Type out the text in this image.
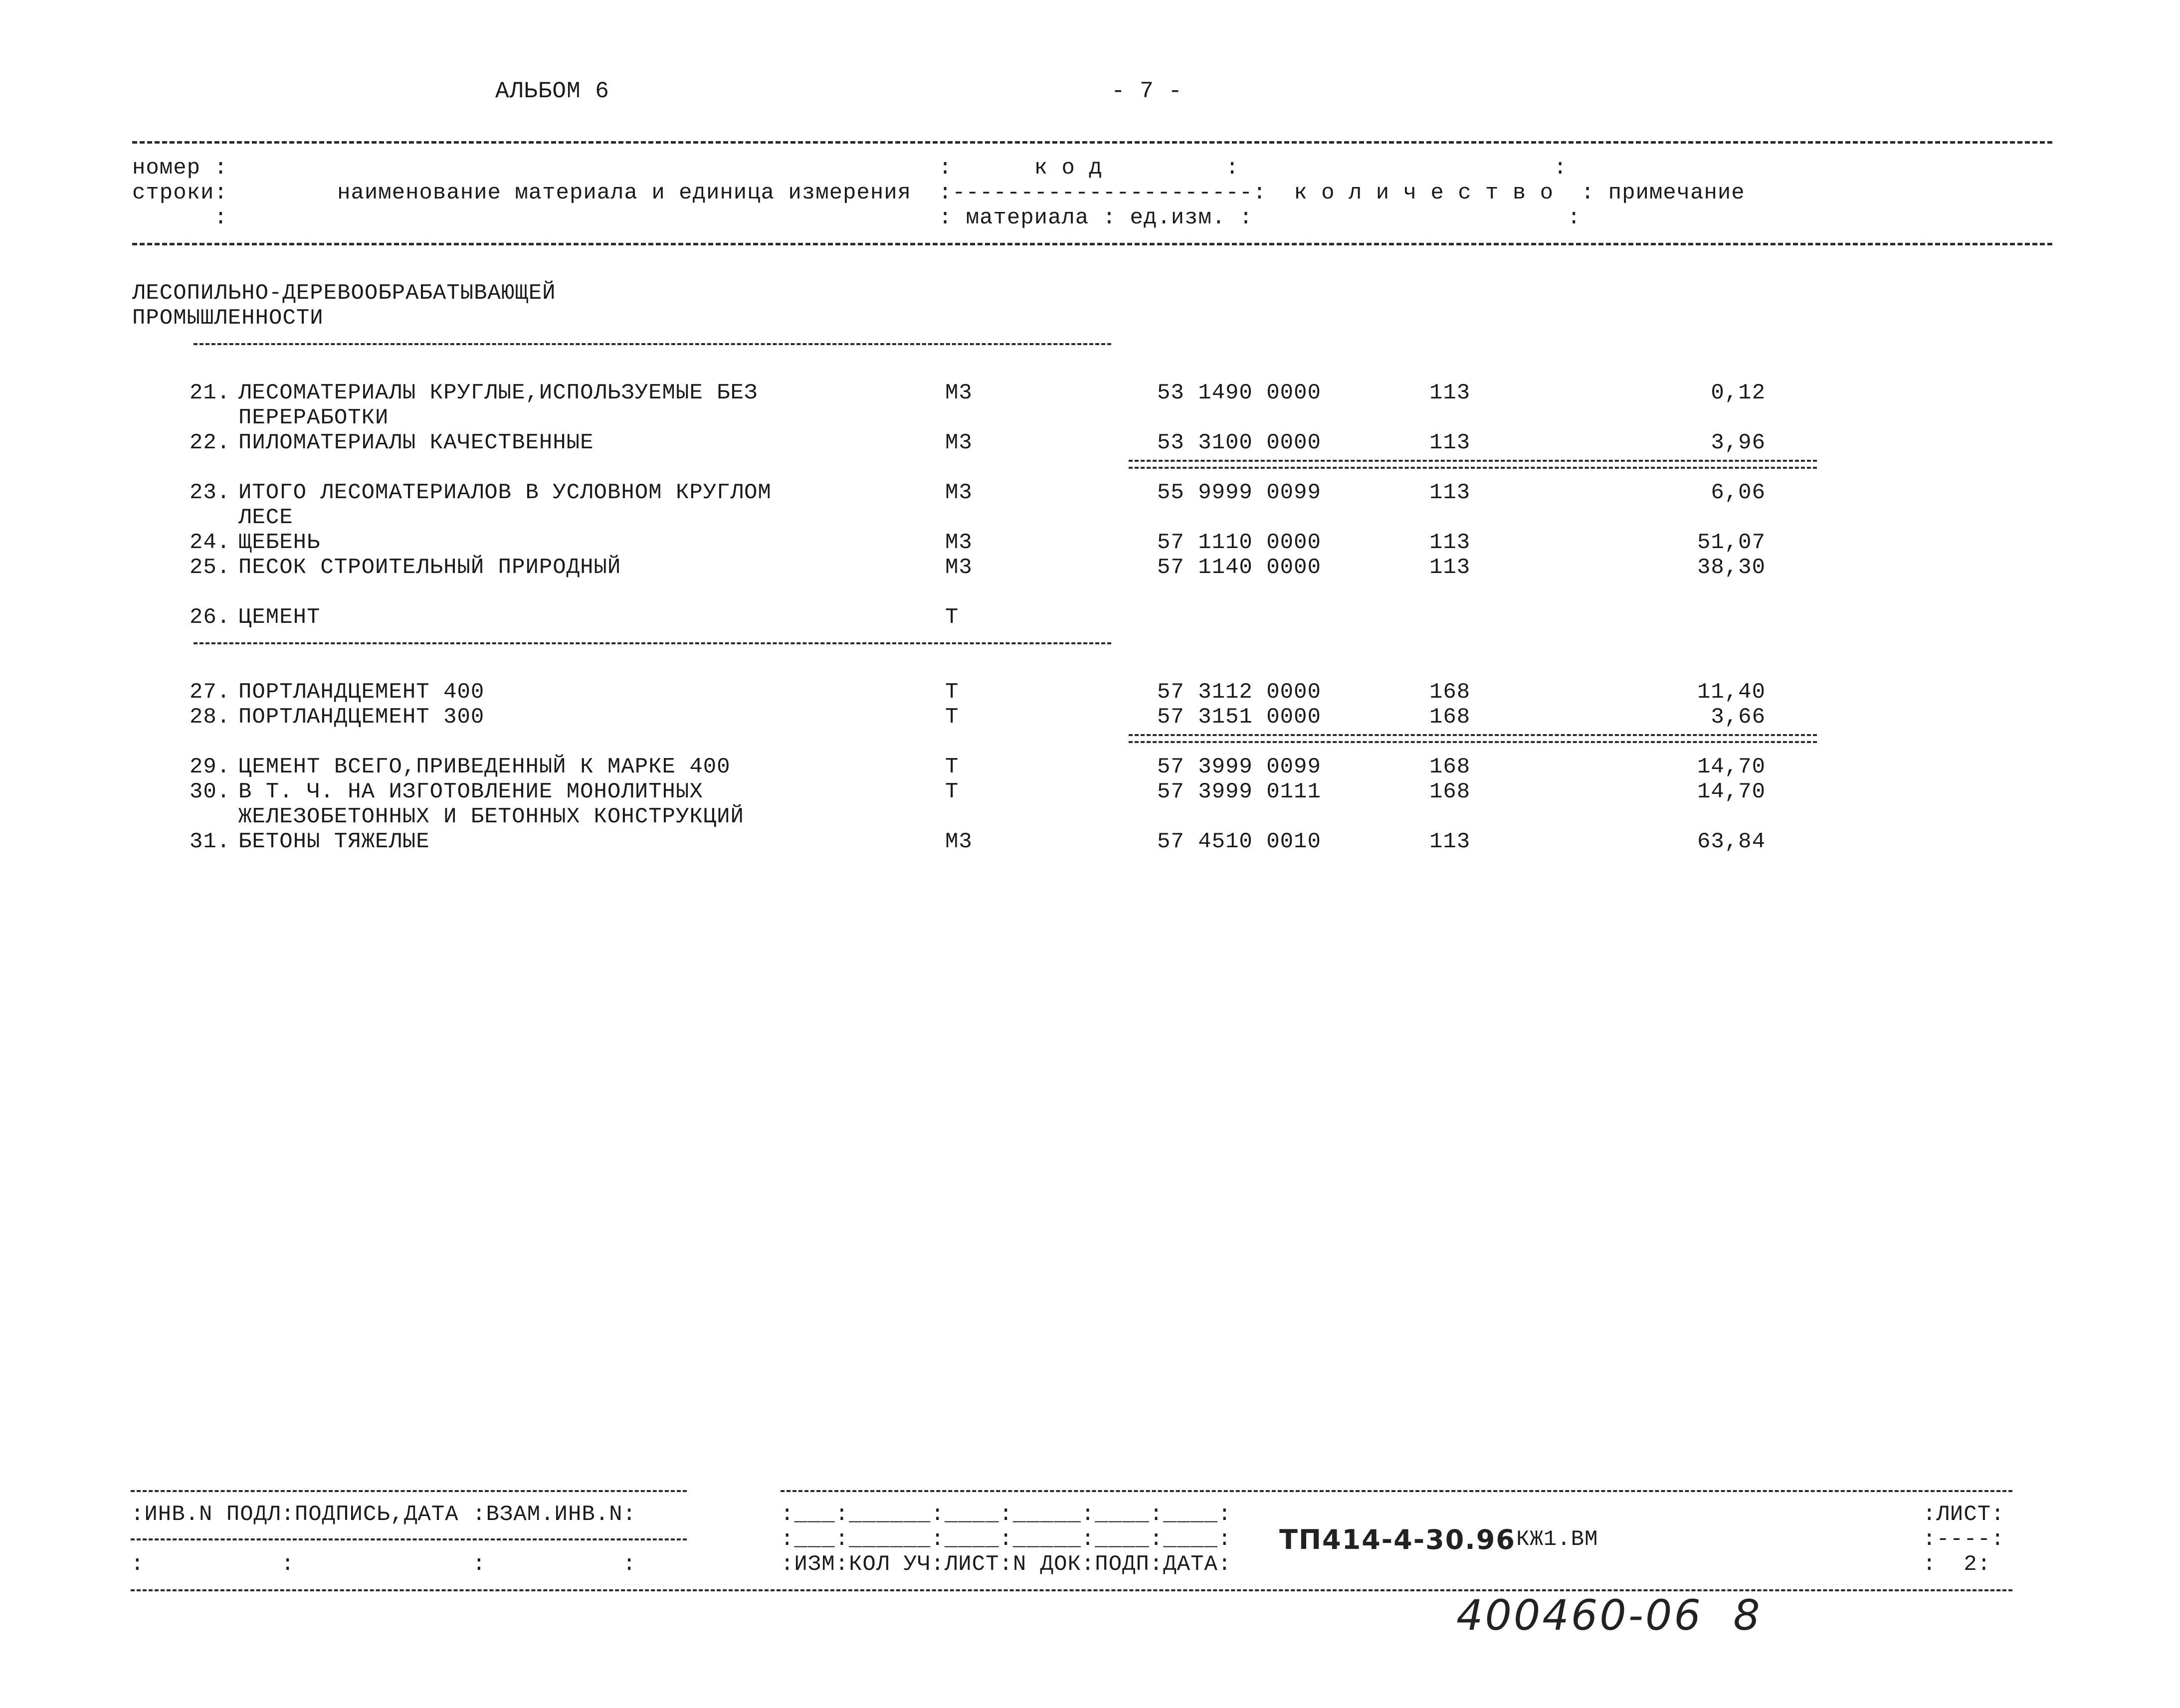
АЛЬБОМ 6	- 7 -
номер :                                                    :      к о д         :                       :
строки:        наименование материала и единица измерения  :----------------------:  к о л и ч е с т в о  : примечание
:                                                    : материала : ед.изм. :                       :
ЛЕСОПИЛЬНО-ДЕРЕВООБРАБАТЫВАЮЩЕЙ
ПРОМЫШЛЕННОСТИ
21. ЛЕСОМАТЕРИАЛЫ КРУГЛЫЕ,ИСПОЛЬЗУЕМЫЕ БЕЗ
ПЕРЕРАБОТКИ
М3	53 1490 0000	113	0,12
22. ПИЛОМАТЕРИАЛЫ КАЧЕСТВЕННЫЕ	М3	53 3100 0000	113	3,96
23. ИТОГО ЛЕСОМАТЕРИАЛОВ В УСЛОВНОМ КРУГЛОМ
ЛЕСЕ
М3	55 9999 0099	113	6,06
24. ЩЕБЕНЬ	М3	57 1110 0000	113	51,07
25. ПЕСОК СТРОИТЕЛЬНЫЙ ПРИРОДНЫЙ	М3	57 1140 0000	113	38,30
26. ЦЕМЕНТ	Т
27. ПОРТЛАНДЦЕМЕНТ 400	Т	57 3112 0000	168	11,40
28. ПОРТЛАНДЦЕМЕНТ 300	Т	57 3151 0000	168	3,66
29. ЦЕМЕНТ ВСЕГО,ПРИВЕДЕННЫЙ К МАРКЕ 400	Т	57 3999 0099	168	14,70
30. В Т. Ч. НА ИЗГОТОВЛЕНИЕ МОНОЛИТНЫХ
ЖЕЛЕЗОБЕТОННЫХ И БЕТОННЫХ КОНСТРУКЦИЙ
Т	57 3999 0111	168	14,70
31. БЕТОНЫ ТЯЖЕЛЫЕ	М3	57 4510 0010	113	63,84
:ИНВ.N ПОДЛ:ПОДПИСЬ,ДАТА :ВЗАМ.ИНВ.N:
:          :             :          :
:___:______:____:_____:____:____:
:___:______:____:_____:____:____:
:ИЗМ:КОЛ УЧ:ЛИСТ:N ДОК:ПОДП:ДАТА:
ТП414-4-30.96 КЖ1.ВМ
:ЛИСТ:
:----:
:  2:
400460-06  8
